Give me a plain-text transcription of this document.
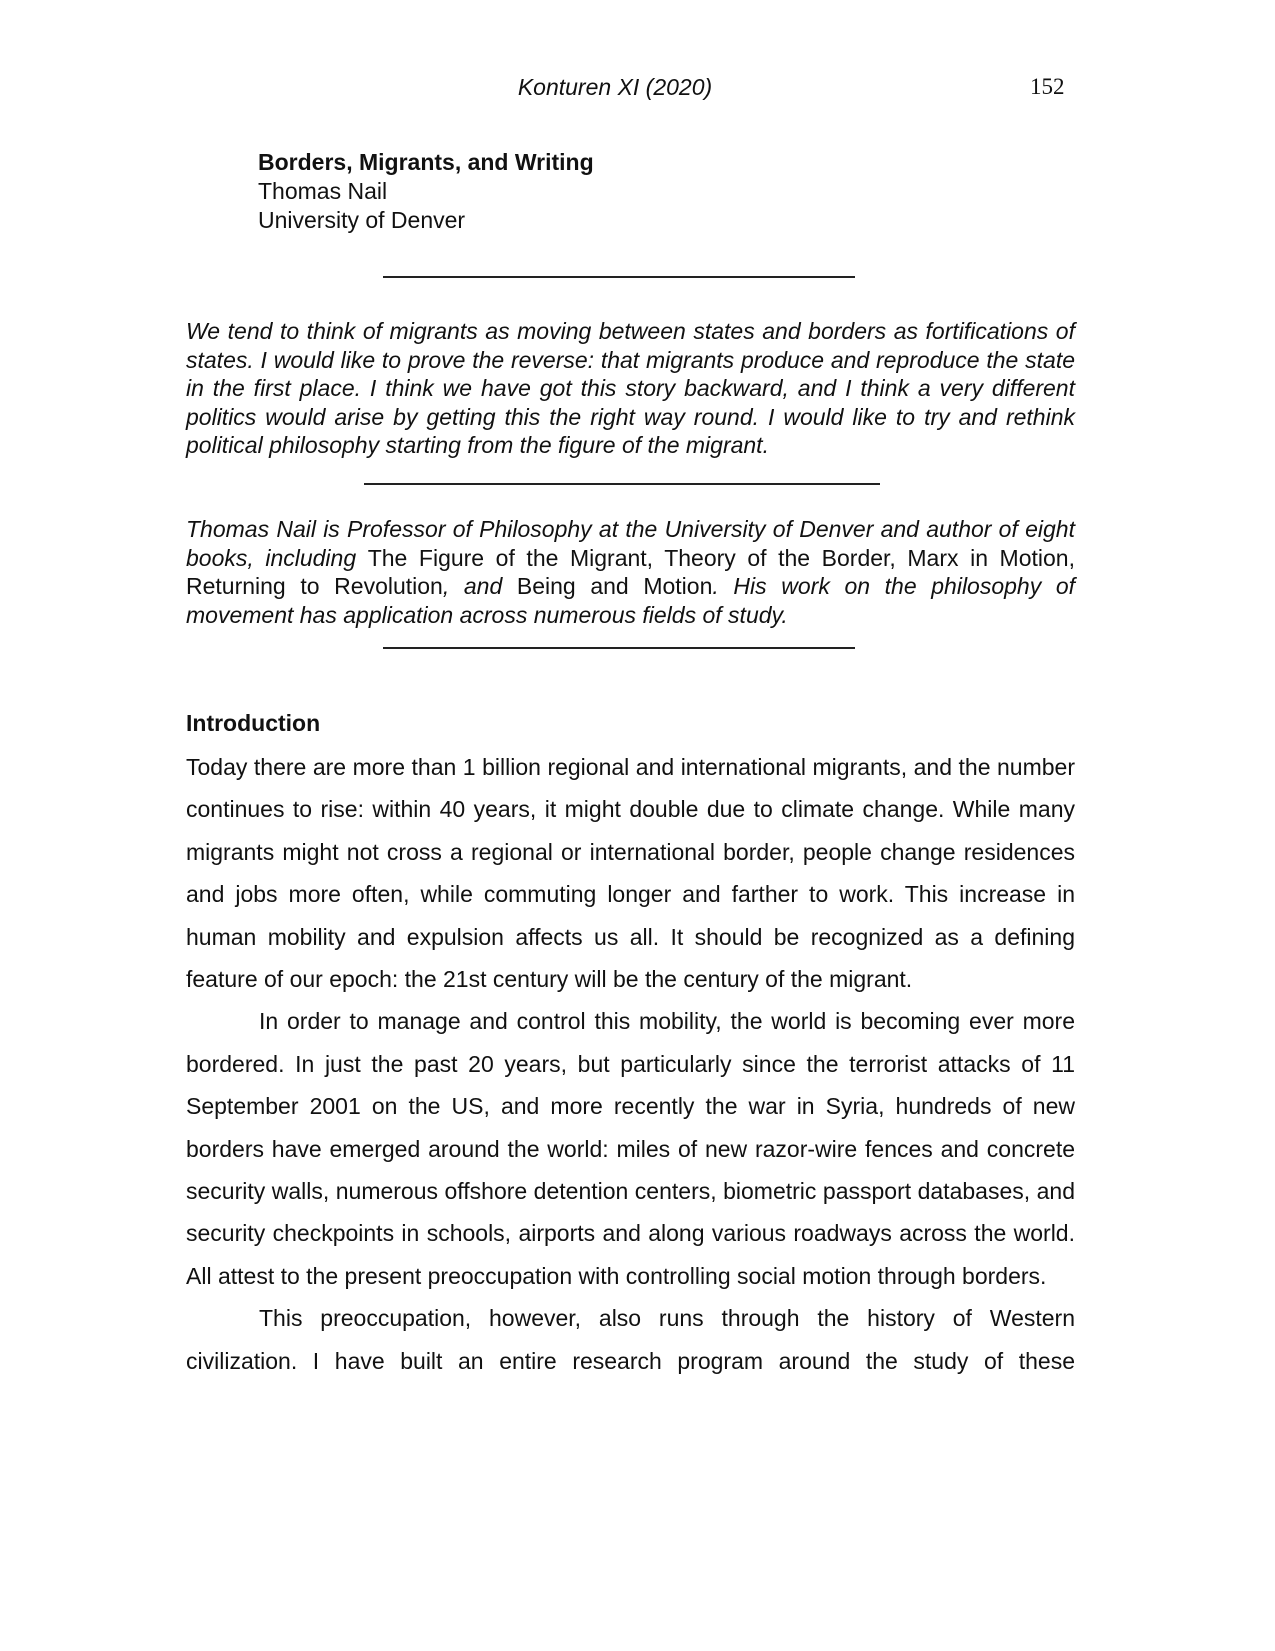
Konturen XI (2020)	152
Borders, Migrants, and Writing
Thomas Nail
University of Denver

We tend to think of migrants as moving between states and borders as fortifications of states. I would like to prove the reverse: that migrants produce and reproduce the state in the first place. I think we have got this story backward, and I think a very different politics would arise by getting this the right way round. I would like to try and rethink political philosophy starting from the figure of the migrant.

Thomas Nail is Professor of Philosophy at the University of Denver and author of eight books, including The Figure of the Migrant, Theory of the Border, Marx in Motion, Returning to Revolution, and Being and Motion. His work on the philosophy of movement has application across numerous fields of study.

Introduction

Today there are more than 1 billion regional and international migrants, and the number continues to rise: within 40 years, it might double due to climate change. While many migrants might not cross a regional or international border, people change residences and jobs more often, while commuting longer and farther to work. This increase in human mobility and expulsion affects us all. It should be recognized as a defining feature of our epoch: the 21st century will be the century of the migrant.

In order to manage and control this mobility, the world is becoming ever more bordered. In just the past 20 years, but particularly since the terrorist attacks of 11 September 2001 on the US, and more recently the war in Syria, hundreds of new borders have emerged around the world: miles of new razor-wire fences and concrete security walls, numerous offshore detention centers, biometric passport databases, and security checkpoints in schools, airports and along various roadways across the world. All attest to the present preoccupation with controlling social motion through borders.

This preoccupation, however, also runs through the history of Western civilization. I have built an entire research program around the study of these
